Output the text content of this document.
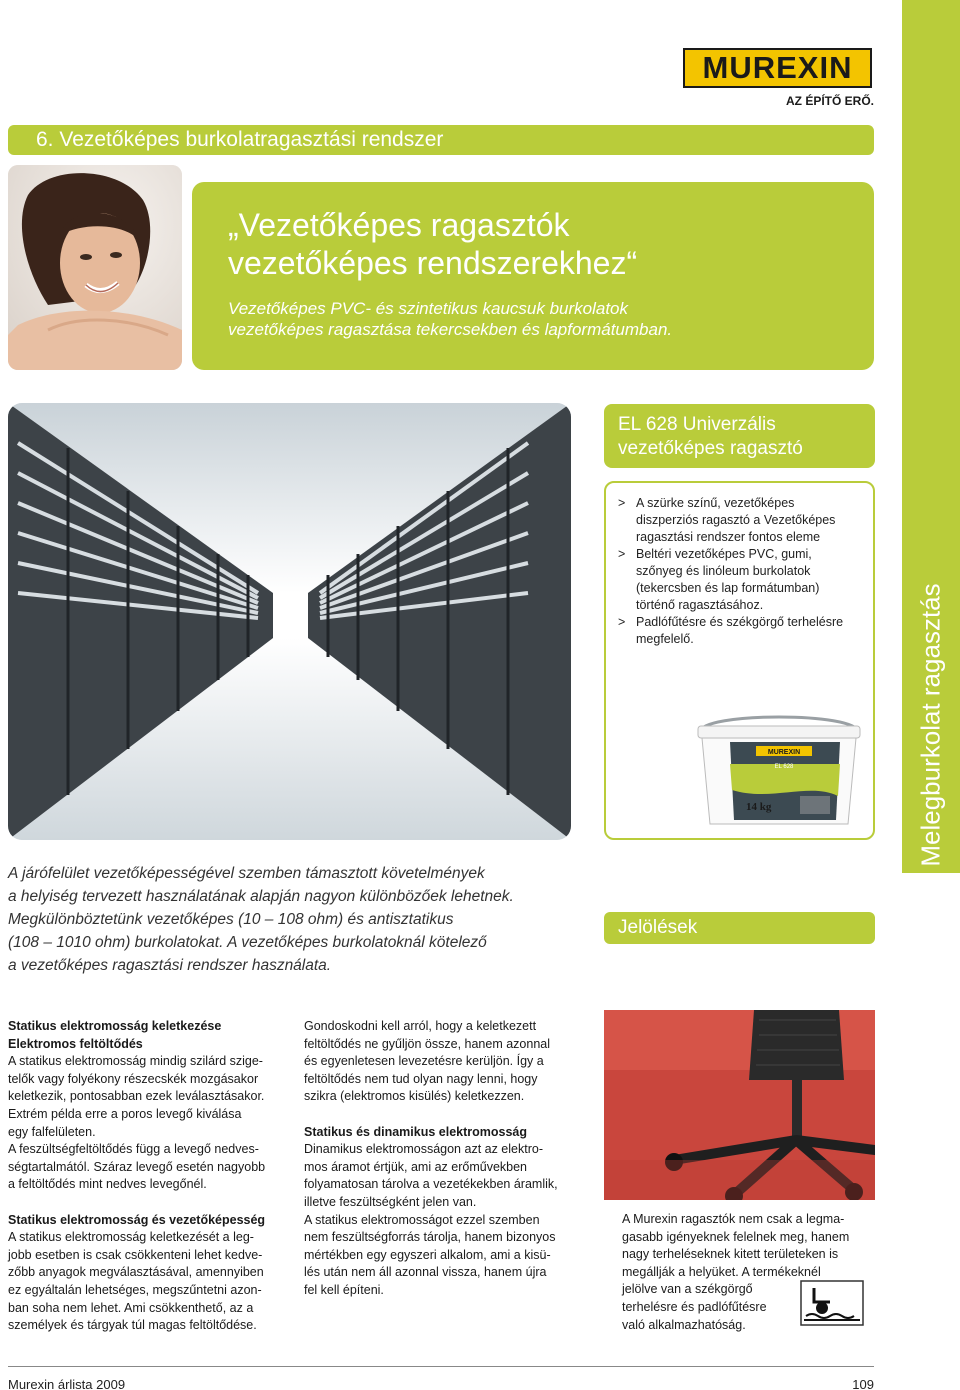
MUREXIN
AZ ÉPÍTŐ ERŐ.
6. Vezetőképes burkolatragasztási rendszer
„Vezetőképes ragasztók
vezetőképes rendszerekhez“
Vezetőképes PVC- és szintetikus kaucsuk burkolatok
vezetőképes ragasztása tekercsekben és lapformátumban.
EL 628 Univerzális
vezetőképes ragasztó
> A szürke színű, vezetőképes
diszperziós ragasztó a Vezetőképes
ragasztási rendszer fontos eleme
> Beltéri vezetőképes PVC, gumi,
szőnyeg és linóleum burkolatok
(tekercsben és lap formátumban)
történő ragasztásához.
> Padlófűtésre és székgörgő terhelésre
megfelelő.
MUREXIN
EL 628
14 kg	Melegburkolat ragasztás
A járófelület vezetőképességével szemben támasztott követelmények
a helyiség tervezett használatának alapján nagyon különbözőek lehetnek.
Megkülönböztetünk vezetőképes (10 – 108 ohm) és antisztatikus
(108 – 1010 ohm) burkolatokat. A vezetőképes burkolatoknál kötelező
a vezetőképes ragasztási rendszer használata.
Jelölések

Statikus elektromosság keletkezése

Elektromos feltöltődés

A statikus elektromosság mindig szilárd szige-
telők vagy folyékony részecskék mozgásakor
keletkezik, pontosabban ezek leválasztásakor.
Extrém példa erre a poros levegő kiválása
egy falfelületen.

A feszültségfeltöltődés függ a levegő nedves-
ségtartalmától. Száraz levegő esetén nagyobb
a feltöltődés mint nedves levegőnél.

Statikus elektromosság és vezetőképesség

A statikus elektromosság keletkezését a leg-
jobb esetben is csak csökkenteni lehet kedve-
zőbb anyagok megválasztásával, amennyiben
ez egyáltalán lehetséges, megszűntetni azon-
ban soha nem lehet. Ami csökkenthető, az a
személyek és tárgyak túl magas feltöltődése.

Gondoskodni kell arról, hogy a keletkezett
feltöltődés ne gyűljön össze, hanem azonnal
és egyenletesen levezetésre kerüljön. Így a
feltöltődés nem tud olyan nagy lenni, hogy
szikra (elektromos kisülés) keletkezzen.

Statikus és dinamikus elektromosság

Dinamikus elektromosságon azt az elektro-
mos áramot értjük, ami az erőművekben
folyamatosan tárolva a vezetékekben áramlik,
illetve feszültségként jelen van.
A statikus elektromosságot ezzel szemben
nem feszültségforrás tárolja, hanem bizonyos
mértékben egy egyszeri alkalom, ami a kisü-
lés után nem áll azonnal vissza, hanem újra
fel kell építeni.

A Murexin ragasztók nem csak a legma-
gasabb igényeknek felelnek meg, hanem
nagy terheléseknek kitett területeken is
megállják a helyüket. A termékeknél
jelölve van a székgörgő
terhelésre és padlófűtésre
való alkalmazhatóság.
Murexin árlista 2009	109
